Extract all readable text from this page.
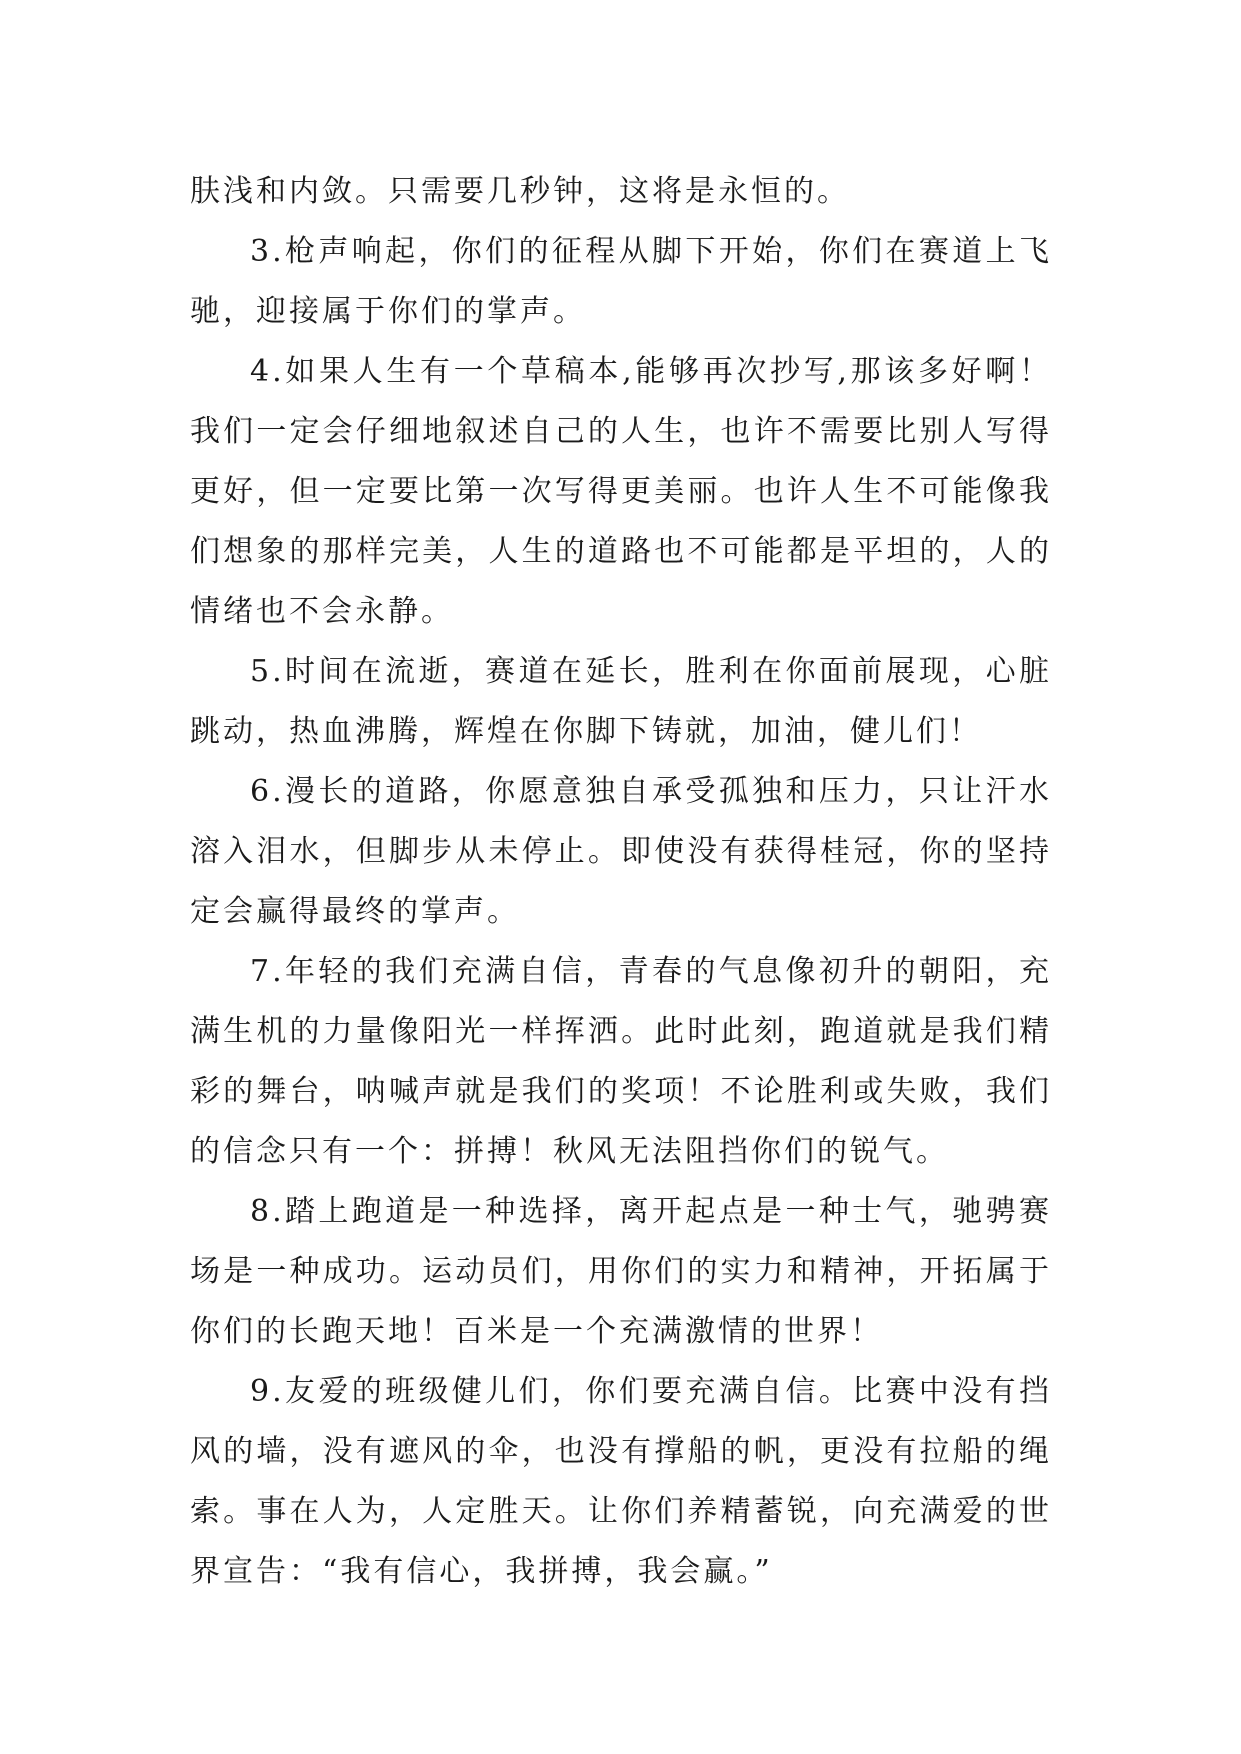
肤浅和内敛。只需要几秒钟，这将是永恒的。

3.枪声响起，你们的征程从脚下开始，你们在赛道上飞驰，迎接属于你们的掌声。

4.如果人生有一个草稿本,能够再次抄写,那该多好啊！我们一定会仔细地叙述自己的人生，也许不需要比别人写得更好，但一定要比第一次写得更美丽。也许人生不可能像我们想象的那样完美，人生的道路也不可能都是平坦的，人的情绪也不会永静。

5.时间在流逝，赛道在延长，胜利在你面前展现，心脏跳动，热血沸腾，辉煌在你脚下铸就，加油，健儿们！

6.漫长的道路，你愿意独自承受孤独和压力，只让汗水溶入泪水，但脚步从未停止。即使没有获得桂冠，你的坚持定会赢得最终的掌声。

7.年轻的我们充满自信，青春的气息像初升的朝阳，充满生机的力量像阳光一样挥洒。此时此刻，跑道就是我们精彩的舞台，呐喊声就是我们的奖项！不论胜利或失败，我们的信念只有一个：拼搏！秋风无法阻挡你们的锐气。

8.踏上跑道是一种选择，离开起点是一种士气，驰骋赛场是一种成功。运动员们，用你们的实力和精神，开拓属于你们的长跑天地！百米是一个充满激情的世界！

9.友爱的班级健儿们，你们要充满自信。比赛中没有挡风的墙，没有遮风的伞，也没有撑船的帆，更没有拉船的绳索。事在人为，人定胜天。让你们养精蓄锐，向充满爱的世界宣告：“我有信心，我拼搏，我会赢。”
